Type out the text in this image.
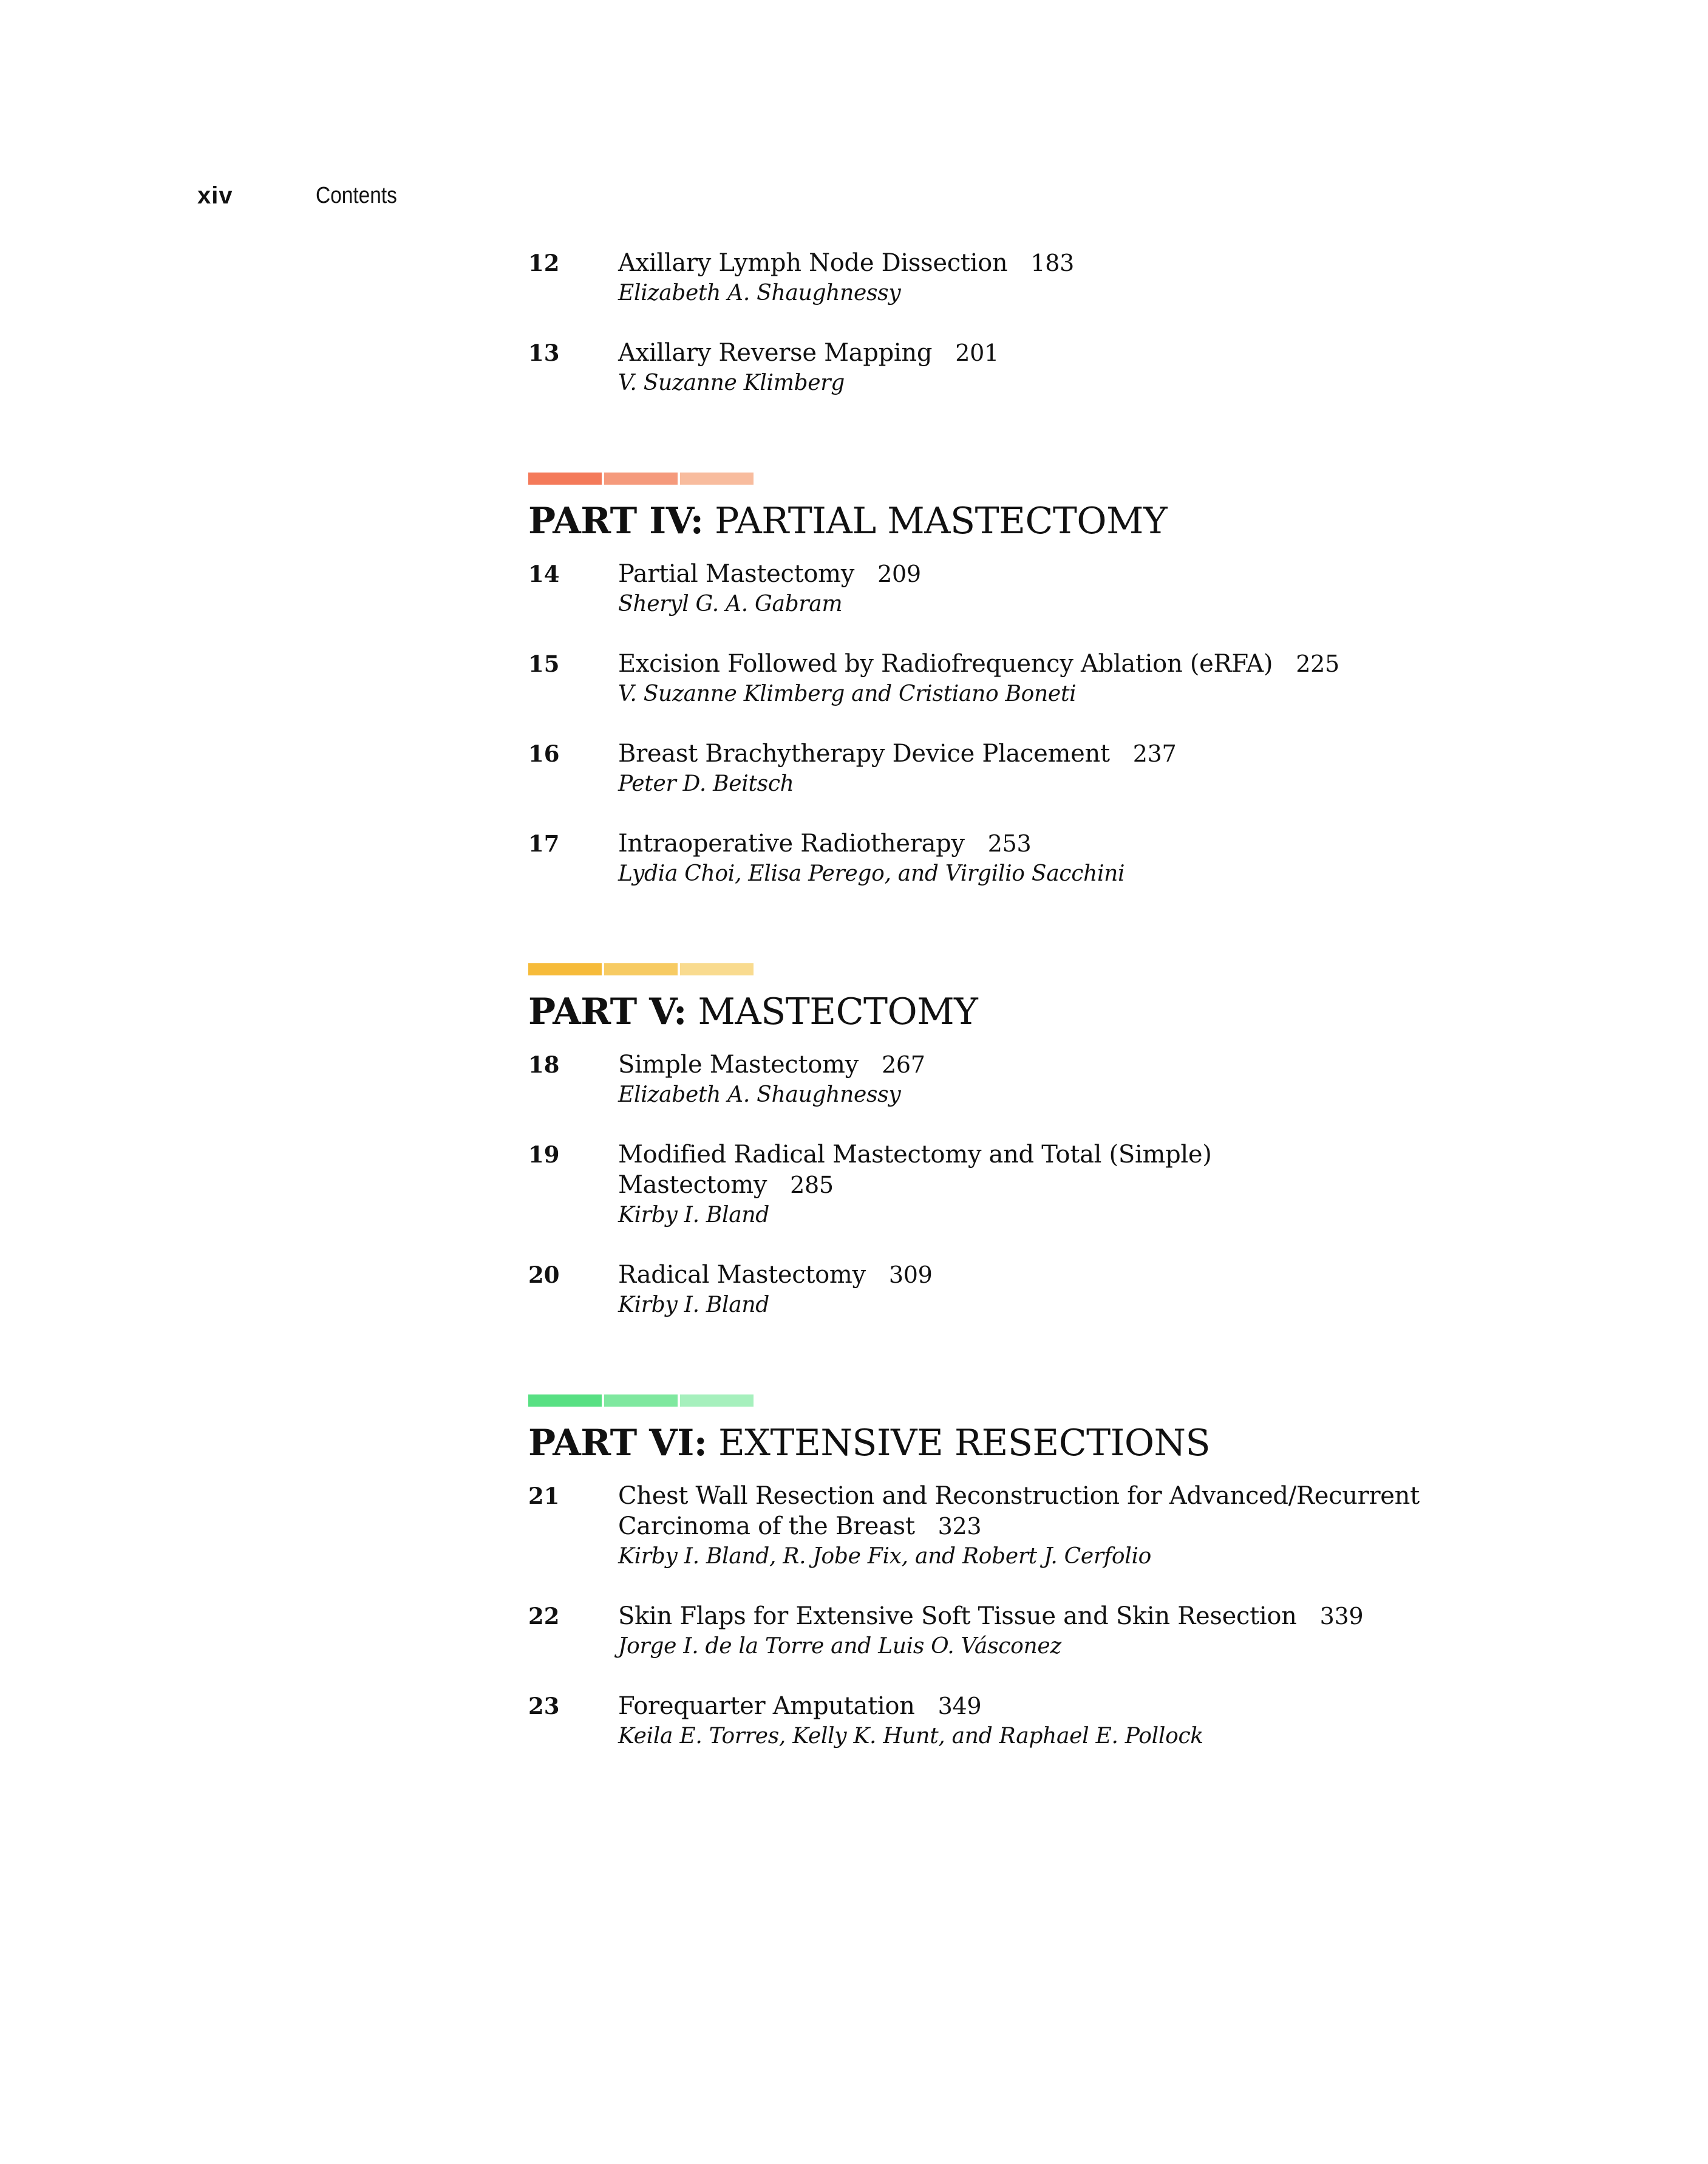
xiv	Contents
12 Axillary Lymph Node Dissection 183
Elizabeth A. Shaughnessy
13 Axillary Reverse Mapping 201
V. Suzanne Klimberg
PART IV: PARTIAL MASTECTOMY
14 Partial Mastectomy 209
Sheryl G. A. Gabram
15 Excision Followed by Radiofrequency Ablation (eRFA) 225
V. Suzanne Klimberg and Cristiano Boneti
16 Breast Brachytherapy Device Placement 237
Peter D. Beitsch
17 Intraoperative Radiotherapy 253
Lydia Choi, Elisa Perego, and Virgilio Sacchini
PART V: MASTECTOMY
18 Simple Mastectomy 267
Elizabeth A. Shaughnessy
19 Modified Radical Mastectomy and Total (Simple)
Mastectomy 285
Kirby I. Bland
20 Radical Mastectomy 309
Kirby I. Bland
PART VI: EXTENSIVE RESECTIONS
21 Chest Wall Resection and Reconstruction for Advanced/Recurrent
Carcinoma of the Breast 323
Kirby I. Bland, R. Jobe Fix, and Robert J. Cerfolio
22 Skin Flaps for Extensive Soft Tissue and Skin Resection 339
Jorge I. de la Torre and Luis O. Vásconez
23 Forequarter Amputation 349
Keila E. Torres, Kelly K. Hunt, and Raphael E. Pollock
